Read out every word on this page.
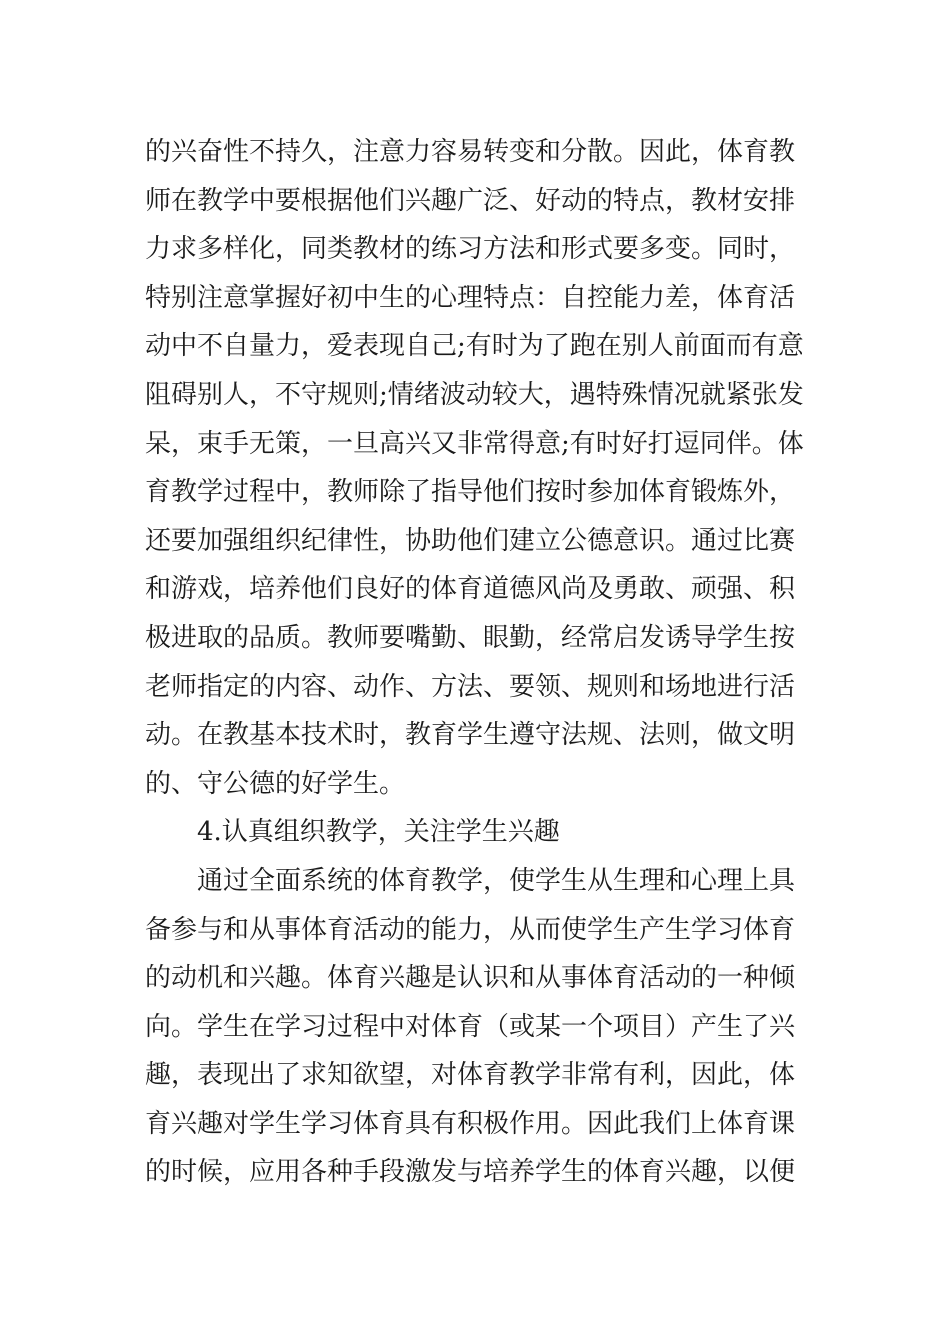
的兴奋性不持久，注意力容易转变和分散。因此，体育教
师在教学中要根据他们兴趣广泛、好动的特点，教材安排
力求多样化，同类教材的练习方法和形式要多变。同时，
特别注意掌握好初中生的心理特点：自控能力差，体育活
动中不自量力，爱表现自己;有时为了跑在别人前面而有意
阻碍别人，不守规则;情绪波动较大，遇特殊情况就紧张发
呆，束手无策，一旦高兴又非常得意;有时好打逗同伴。体
育教学过程中，教师除了指导他们按时参加体育锻炼外，
还要加强组织纪律性，协助他们建立公德意识。通过比赛
和游戏，培养他们良好的体育道德风尚及勇敢、顽强、积
极进取的品质。教师要嘴勤、眼勤，经常启发诱导学生按
老师指定的内容、动作、方法、要领、规则和场地进行活
动。在教基本技术时，教育学生遵守法规、法则，做文明
的、守公德的好学生。
4.认真组织教学，关注学生兴趣
通过全面系统的体育教学，使学生从生理和心理上具
备参与和从事体育活动的能力，从而使学生产生学习体育
的动机和兴趣。体育兴趣是认识和从事体育活动的一种倾
向。学生在学习过程中对体育（或某一个项目）产生了兴
趣，表现出了求知欲望，对体育教学非常有利，因此，体
育兴趣对学生学习体育具有积极作用。因此我们上体育课
的时候，应用各种手段激发与培养学生的体育兴趣，以便
